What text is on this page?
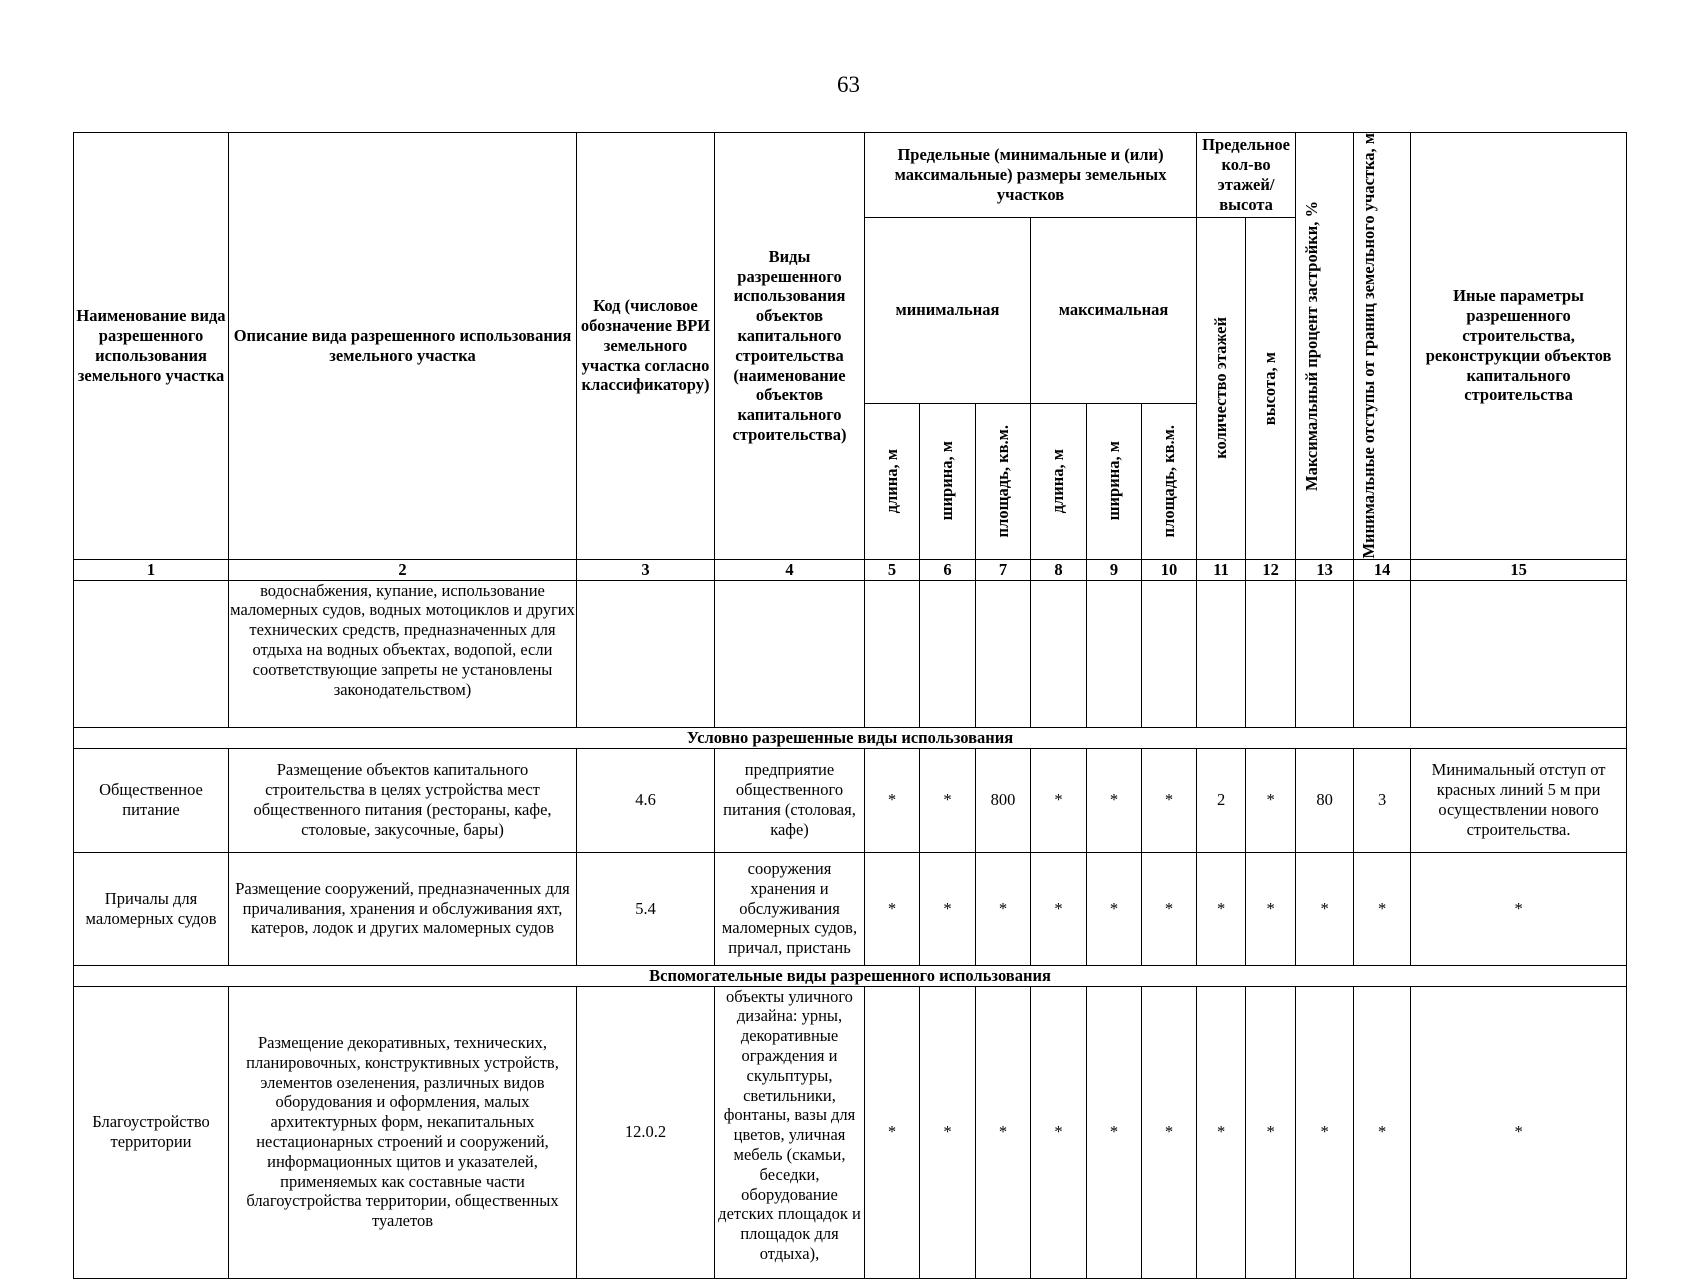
63
Наименование вида разрешенного использования земельного участка	Описание вида разрешенного использования земельного участка	Код (числовое обозначение ВРИ земельного участка согласно классификатору)	Виды разрешенного использования объектов капитального строительства (наименование объектов капитального строительства)	Предельные (минимальные и (или) максимальные) размеры земельных участков						Предельное кол-во этажей/ высота		Максимальный процент застройки, %	Минимальные отступы от границ земельного участка, м	Иные параметры разрешенного строительства, реконструкции объектов капитального строительства
				минимальная			максимальная			количество этажей	высота, м			

				длина, м	ширина, м	площадь, кв.м.	длина, м	ширина, м	площадь, кв.м.					

1	2	3	4	5	6	7	8	9	10	11	12	13	14	15
	водоснабжения, купание, использование маломерных судов, водных мотоциклов и других технических средств, предназначенных для отдыха на водных объектах, водопой, если соответствующие запреты не установлены законодательством)													
Условно разрешенные виды использования														
Общественное питание	Размещение объектов капитального строительства в целях устройства мест общественного питания (рестораны, кафе, столовые, закусочные, бары)	4.6	предприятие общественного питания (столовая, кафе)	*	*	800	*	*	*	2	*	80	3	Минимальный отступ от красных линий 5 м при осуществлении нового строительства.
Причалы для маломерных судов	Размещение сооружений, предназначенных для причаливания, хранения и обслуживания яхт, катеров, лодок и других маломерных судов	5.4	сооружения хранения и обслуживания маломерных судов, причал, пристань	*	*	*	*	*	*	*	*	*	*	*
Вспомогательные виды разрешенного использования														
Благоустройство территории	Размещение декоративных, технических, планировочных, конструктивных устройств, элементов озеленения, различных видов оборудования и оформления, малых архитектурных форм, некапитальных нестационарных строений и сооружений, информационных щитов и указателей, применяемых как составные части благоустройства территории, общественных туалетов	12.0.2	объекты уличного дизайна: урны, декоративные ограждения и скульптуры, светильники, фонтаны, вазы для цветов, уличная мебель (скамьи, беседки, оборудование детских площадок и площадок для отдыха),	*	*	*	*	*	*	*	*	*	*	*
